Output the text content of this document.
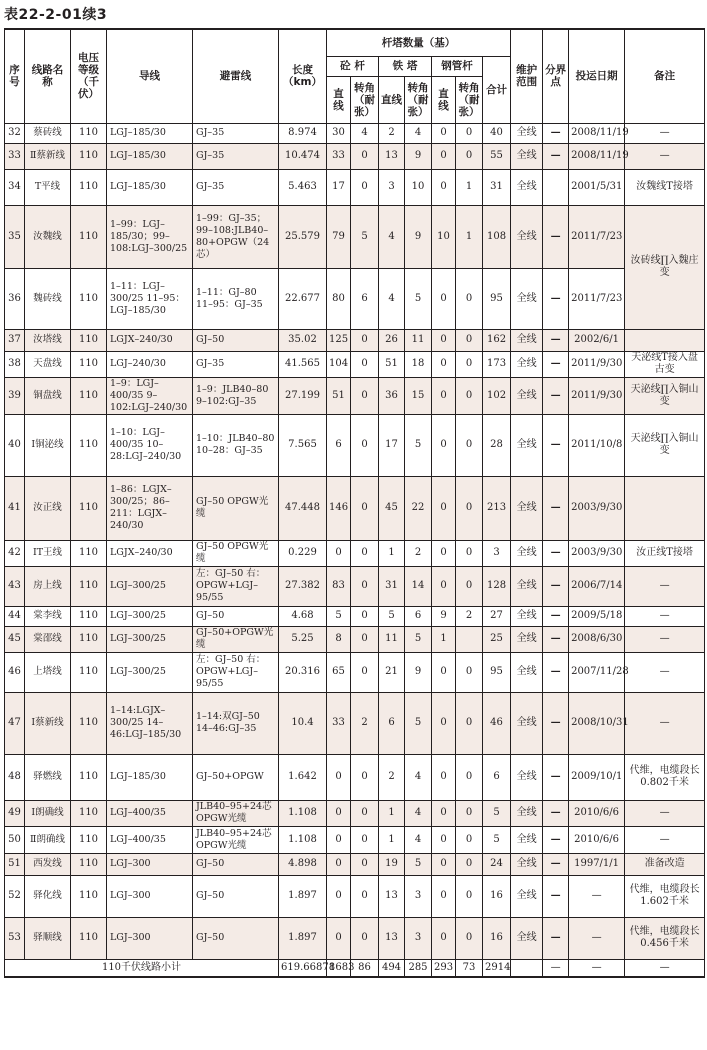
表22-2-01续3
序号	线路名称	电压等级（千伏）	导线	避雷线	长度（km）	杆塔数量（基）							维护范围	分界点	投运日期	备注
						砼 杆		铁 塔		钢管杆		合计				
						直线	转角（耐张）	直线	转角（耐张）	直线	转角（耐张）					
32	蔡砖线	110	LGJ–185/30	GJ–35	8.974	30	4	2	4	0	0	40	全线	—	2008/11/19	—
33	Ⅱ蔡新线	110	LGJ–185/30	GJ–35	10.474	33	0	13	9	0	0	55	全线	—	2008/11/19	—
34	T平线	110	LGJ–185/30	GJ–35	5.463	17	0	3	10	0	1	31	全线		2001/5/31	汝魏线T接塔
35	汝魏线	110	1–99：LGJ–185/30；99–108:LGJ–300/25	1–99：GJ–35；99–108:JLB40–80+OPGW（24芯）	25.579	79	5	4	9	10	1	108	全线	—	2011/7/23	汝砖线∏入魏庄变
36	魏砖线	110	1–11：LGJ–300/25 11–95：LGJ–185/30	1–11：GJ–80 11–95：GJ–35	22.677	80	6	4	5	0	0	95	全线	—	2011/7/23	
37	汝塔线	110	LGJX–240/30	GJ–50	35.02	125	0	26	11	0	0	162	全线	—	2002/6/1	
38	天盘线	110	LGJ–240/30	GJ–35	41.565	104	0	51	18	0	0	173	全线	—	2011/9/30	天泌线T接入盘古变
39	铜盘线	110	1–9：LGJ–400/35 9–102:LGJ–240/30	1–9：JLB40–80 9–102:GJ–35	27.199	51	0	36	15	0	0	102	全线	—	2011/9/30	天泌线∏入铜山变
40	Ⅰ铜泌线	110	1–10：LGJ–400/35 10–28:LGJ–240/30	1–10：JLB40–80 10–28：GJ–35	7.565	6	0	17	5	0	0	28	全线	—	2011/10/8	天泌线∏入铜山变
41	汝正线	110	1–86：LGJX–300/25；86–211：LGJX–240/30	GJ–50 OPGW光缆	47.448	146	0	45	22	0	0	213	全线	—	2003/9/30	
42	ⅠT王线	110	LGJX–240/30	GJ–50 OPGW光缆	0.229	0	0	1	2	0	0	3	全线	—	2003/9/30	汝正线T接塔
43	房上线	110	LGJ–300/25	左：GJ–50 右：OPGW+LGJ–95/55	27.382	83	0	31	14	0	0	128	全线	—	2006/7/14	—
44	棠李线	110	LGJ–300/25	GJ–50	4.68	5	0	5	6	9	2	27	全线	—	2009/5/18	—
45	棠邵线	110	LGJ–300/25	GJ–50+OPGW光缆	5.25	8	0	11	5	1		25	全线	—	2008/6/30	—
46	上塔线	110	LGJ–300/25	左：GJ–50 右：OPGW+LGJ–95/55	20.316	65	0	21	9	0	0	95	全线	—	2007/11/28	—
47	Ⅰ蔡新线	110	1–14:LGJX–300/25 14–46:LGJ–185/30	1–14:双GJ–50 14–46:GJ–35	10.4	33	2	6	5	0	0	46	全线	—	2008/10/31	—
48	驿燃线	110	LGJ–185/30	GJ–50+OPGW	1.642	0	0	2	4	0	0	6	全线	—	2009/10/1	代维，电缆段长0.802千米
49	Ⅰ朗确线	110	LGJ–400/35	JLB40–95+24芯OPGW光缆	1.108	0	0	1	4	0	0	5	全线	—	2010/6/6	—
50	Ⅱ朗确线	110	LGJ–400/35	JLB40–95+24芯OPGW光缆	1.108	0	0	1	4	0	0	5	全线	—	2010/6/6	—
51	西发线	110	LGJ–300	GJ–50	4.898	0	0	19	5	0	0	24	全线	—	1997/1/1	准备改造
52	驿化线	110	LGJ–300	GJ–50	1.897	0	0	13	3	0	0	16	全线	—	—	代维，电缆段长1.602千米
53	驿顺线	110	LGJ–300	GJ–50	1.897	0	0	13	3	0	0	16	全线	—	—	代维，电缆段长0.456千米
110千伏线路小计					619.66878	1683	86	494	285	293	73	2914		—	—	—
